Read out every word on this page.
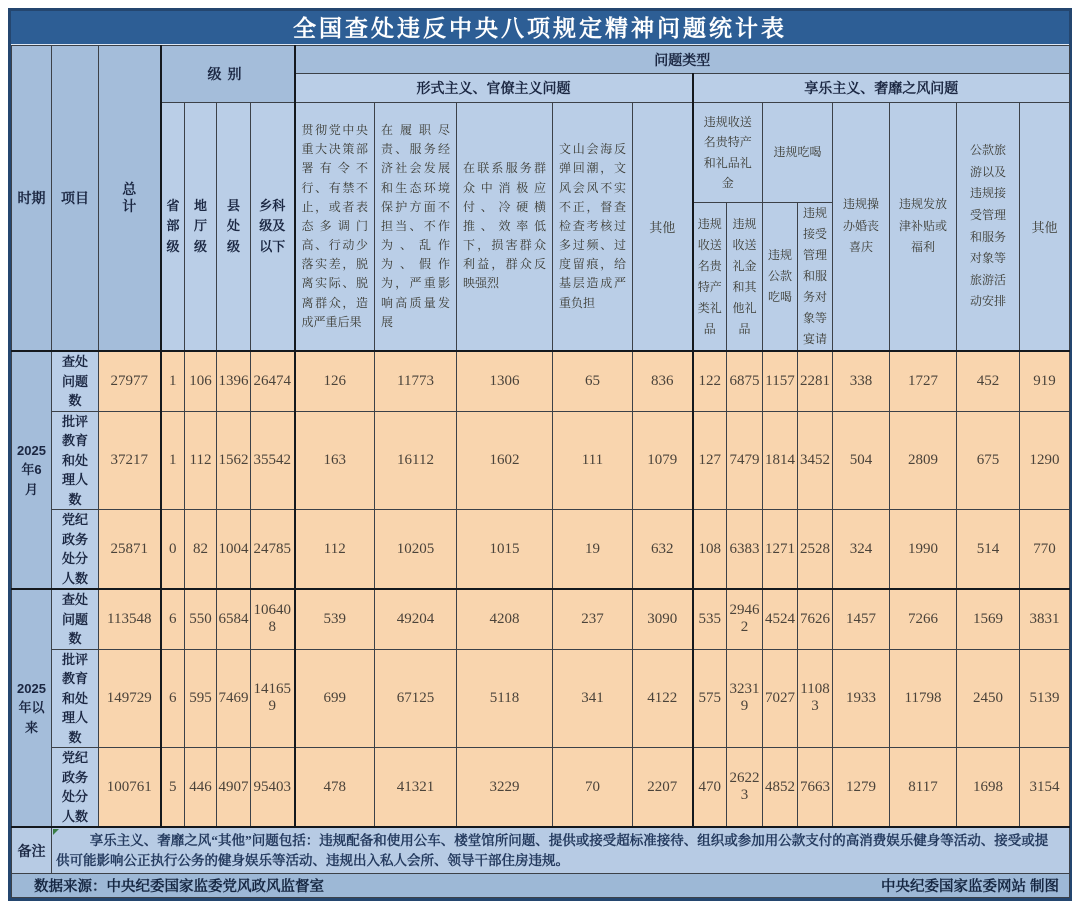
全国查处违反中央八项规定精神问题统计表
时期	项目	总计	级别				问题类型												
							形式主义、官僚主义问题					享乐主义、奢靡之风问题							
			省部级	地厅级	县处级	乡科级及以下	贯彻党中央重大决策部署有令不行、有禁不止，或者表态多调门高、行动少落实差，脱离实际、脱离群众，造成严重后果	在履职尽责、服务经济社会发展和生态环境保护方面不担当、不作为、乱作为、假作为，严重影响高质量发展	在联系服务群众中消极应付、冷硬横推、效率低下，损害群众利益，群众反映强烈	文山会海反弹回潮，文风会风不实不正，督查检查考核过多过频、过度留痕，给基层造成严重负担	其他	违规收送名贵特产和礼品礼金		违规吃喝		违规操办婚丧喜庆	违规发放津补贴或福利	公款旅游以及违规接受管理和服务对象等旅游活动安排	其他
												违规收送名贵特产类礼品	违规收送礼金和其他礼品	违规公款吃喝	违规接受管理和服务对象等宴请				
2025年6月	查处问题数	27977	1	106	1396	26474	126	11773	1306	65	836	122	6875	1157	2281	338	1727	452	919
	批评教育和处理人数	37217	1	112	1562	35542	163	16112	1602	111	1079	127	7479	1814	3452	504	2809	675	1290
	党纪政务处分人数	25871	0	82	1004	24785	112	10205	1015	19	632	108	6383	1271	2528	324	1990	514	770
2025年以来	查处问题数	113548	6	550	6584	106408	539	49204	4208	237	3090	535	29462	4524	7626	1457	7266	1569	3831
	批评教育和处理人数	149729	6	595	7469	141659	699	67125	5118	341	4122	575	32319	7027	11083	1933	11798	2450	5139
	党纪政务处分人数	100761	5	446	4907	95403	478	41321	3229	70	2207	470	26223	4852	7663	1279	8117	1698	3154
备注	享乐主义、奢靡之风“其他”问题包括：违规配备和使用公车、楼堂馆所问题、提供或接受超标准接待、组织或参加用公款支付的高消费娱乐健身等活动、接受或提供可能影响公正执行公务的健身娱乐等活动、违规出入私人会所、领导干部住房违规。																		

数据来源：中央纪委国家监委党风政风监督室 中央纪委国家监委网站 制图																			
